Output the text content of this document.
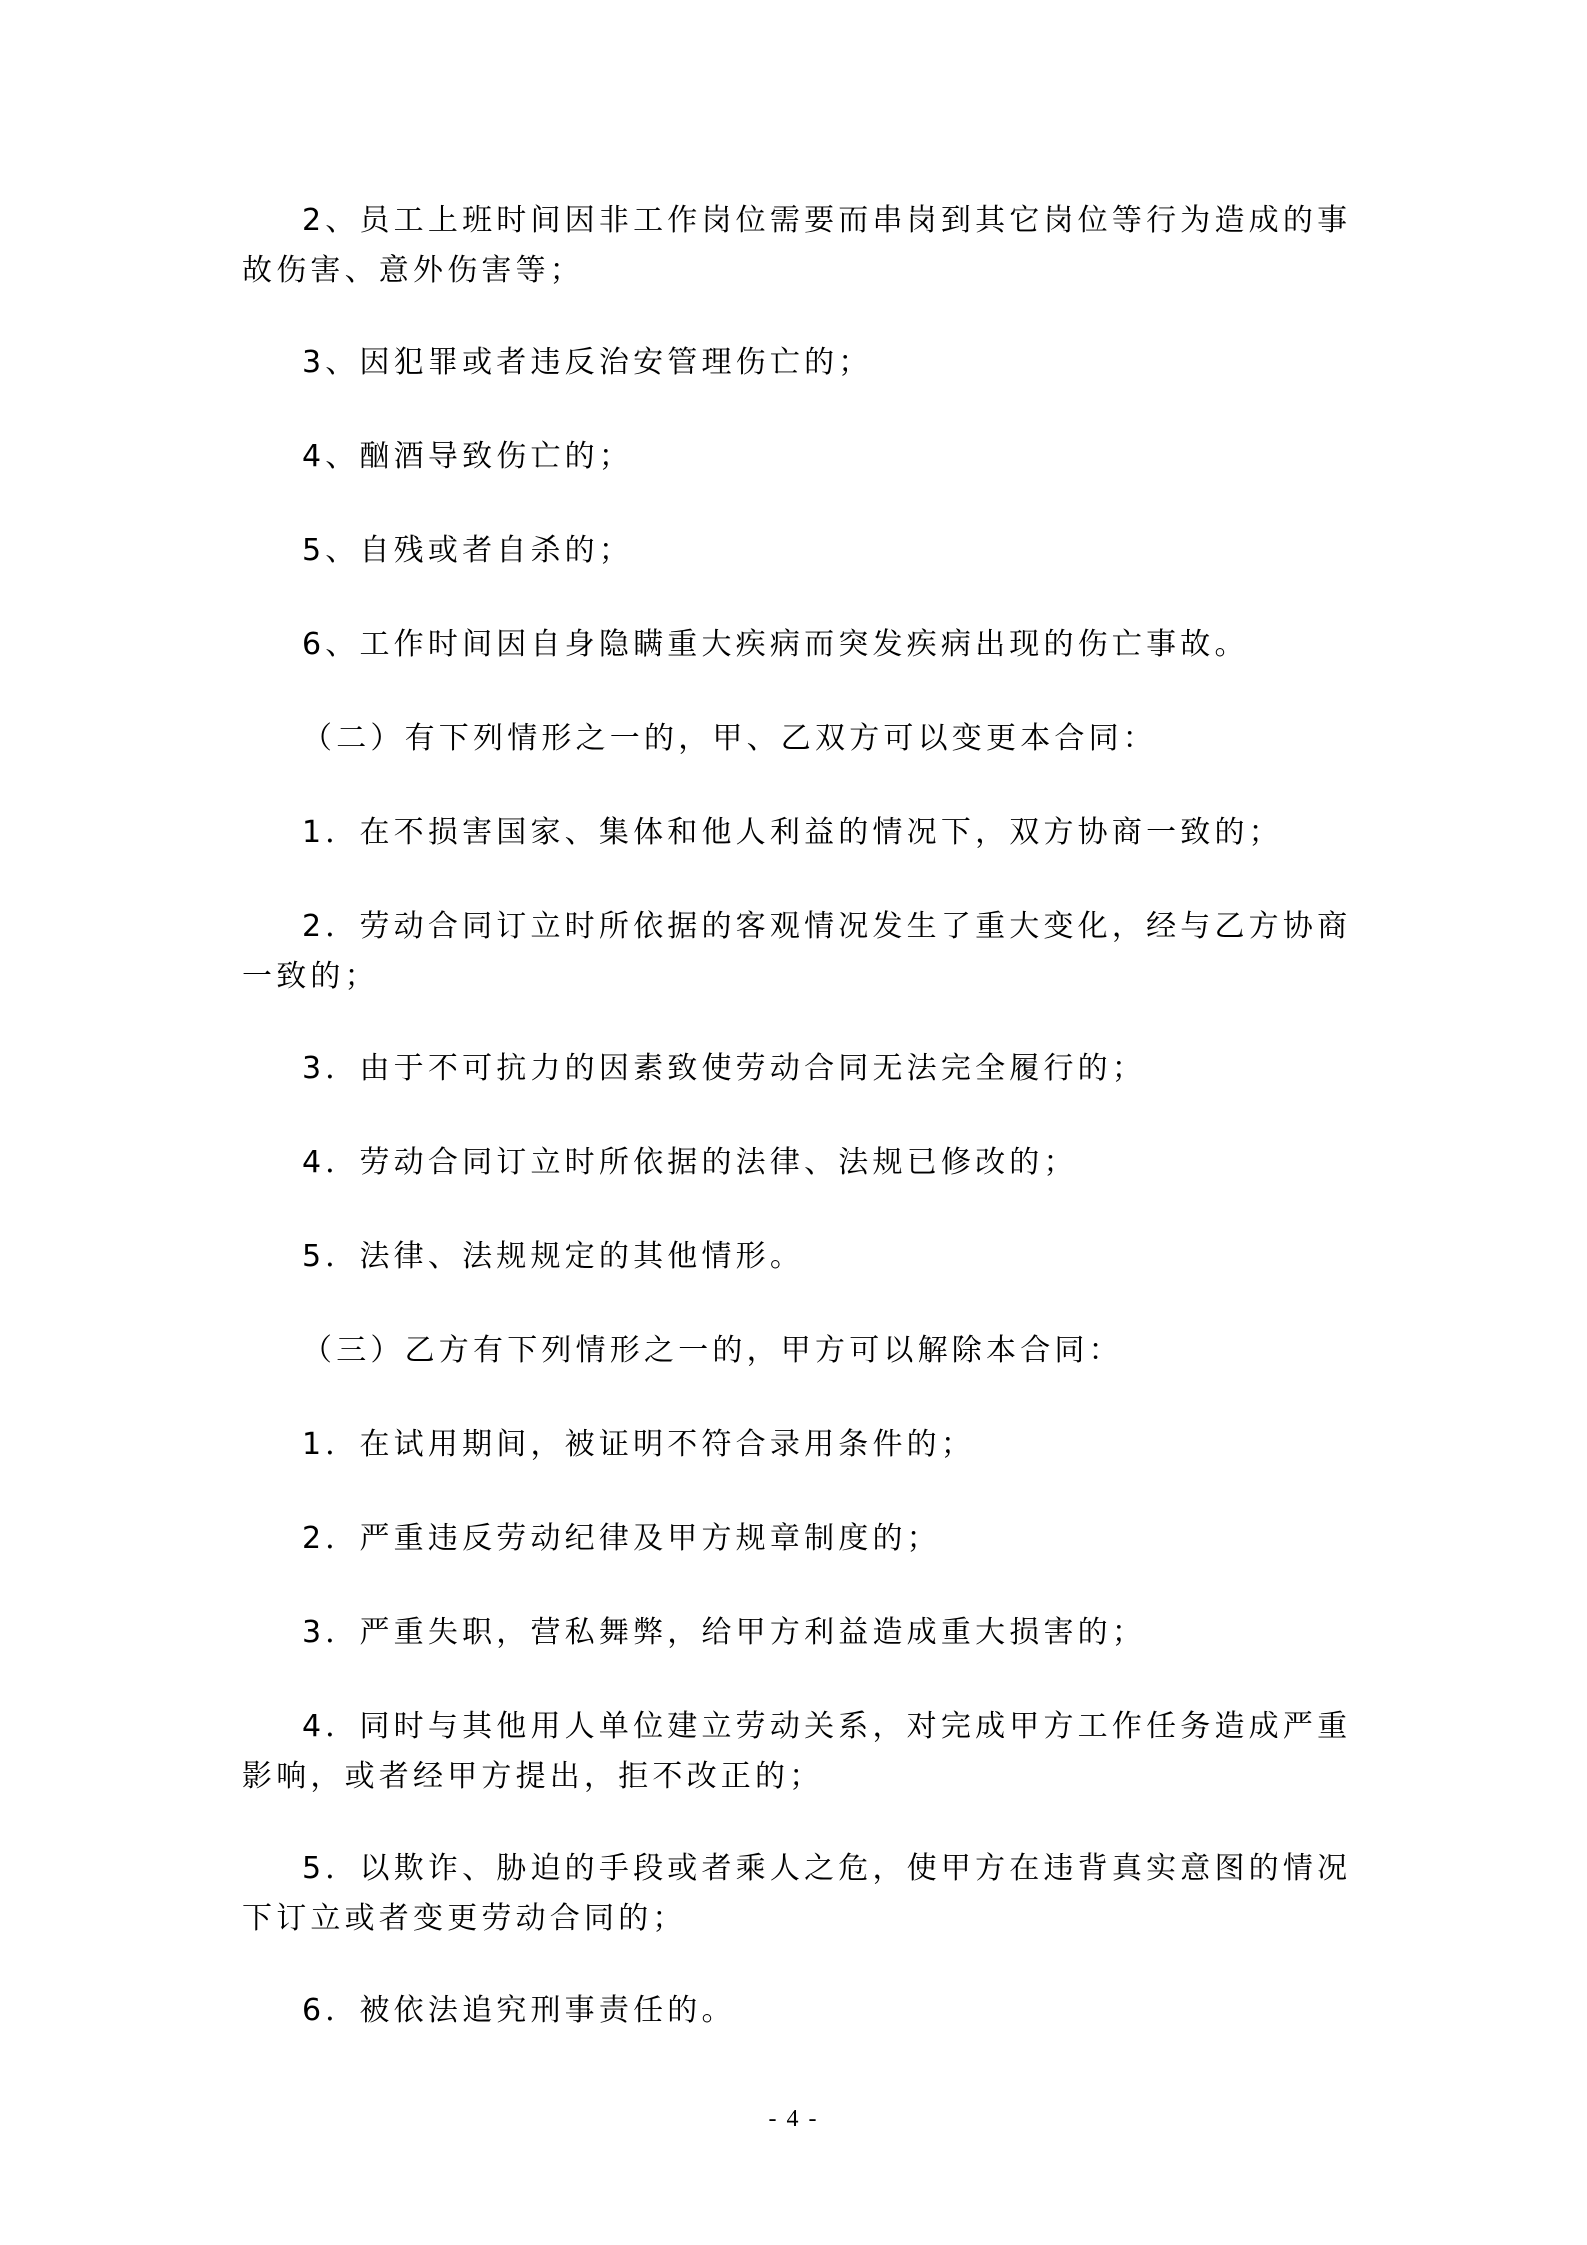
2、员工上班时间因非工作岗位需要而串岗到其它岗位等行为造成的事故伤害、意外伤害等；

3、因犯罪或者违反治安管理伤亡的；

4、酗酒导致伤亡的；

5、自残或者自杀的；

6、工作时间因自身隐瞒重大疾病而突发疾病出现的伤亡事故。

（二）有下列情形之一的，甲、乙双方可以变更本合同：

1．在不损害国家、集体和他人利益的情况下，双方协商一致的；

2．劳动合同订立时所依据的客观情况发生了重大变化，经与乙方协商一致的；

3．由于不可抗力的因素致使劳动合同无法完全履行的；

4．劳动合同订立时所依据的法律、法规已修改的；

5．法律、法规规定的其他情形。

（三）乙方有下列情形之一的，甲方可以解除本合同：

1．在试用期间，被证明不符合录用条件的；

2．严重违反劳动纪律及甲方规章制度的；

3．严重失职，营私舞弊，给甲方利益造成重大损害的；

4．同时与其他用人单位建立劳动关系，对完成甲方工作任务造成严重影响，或者经甲方提出，拒不改正的；

5．以欺诈、胁迫的手段或者乘人之危，使甲方在违背真实意图的情况下订立或者变更劳动合同的；

6．被依法追究刑事责任的。

- 4 -
